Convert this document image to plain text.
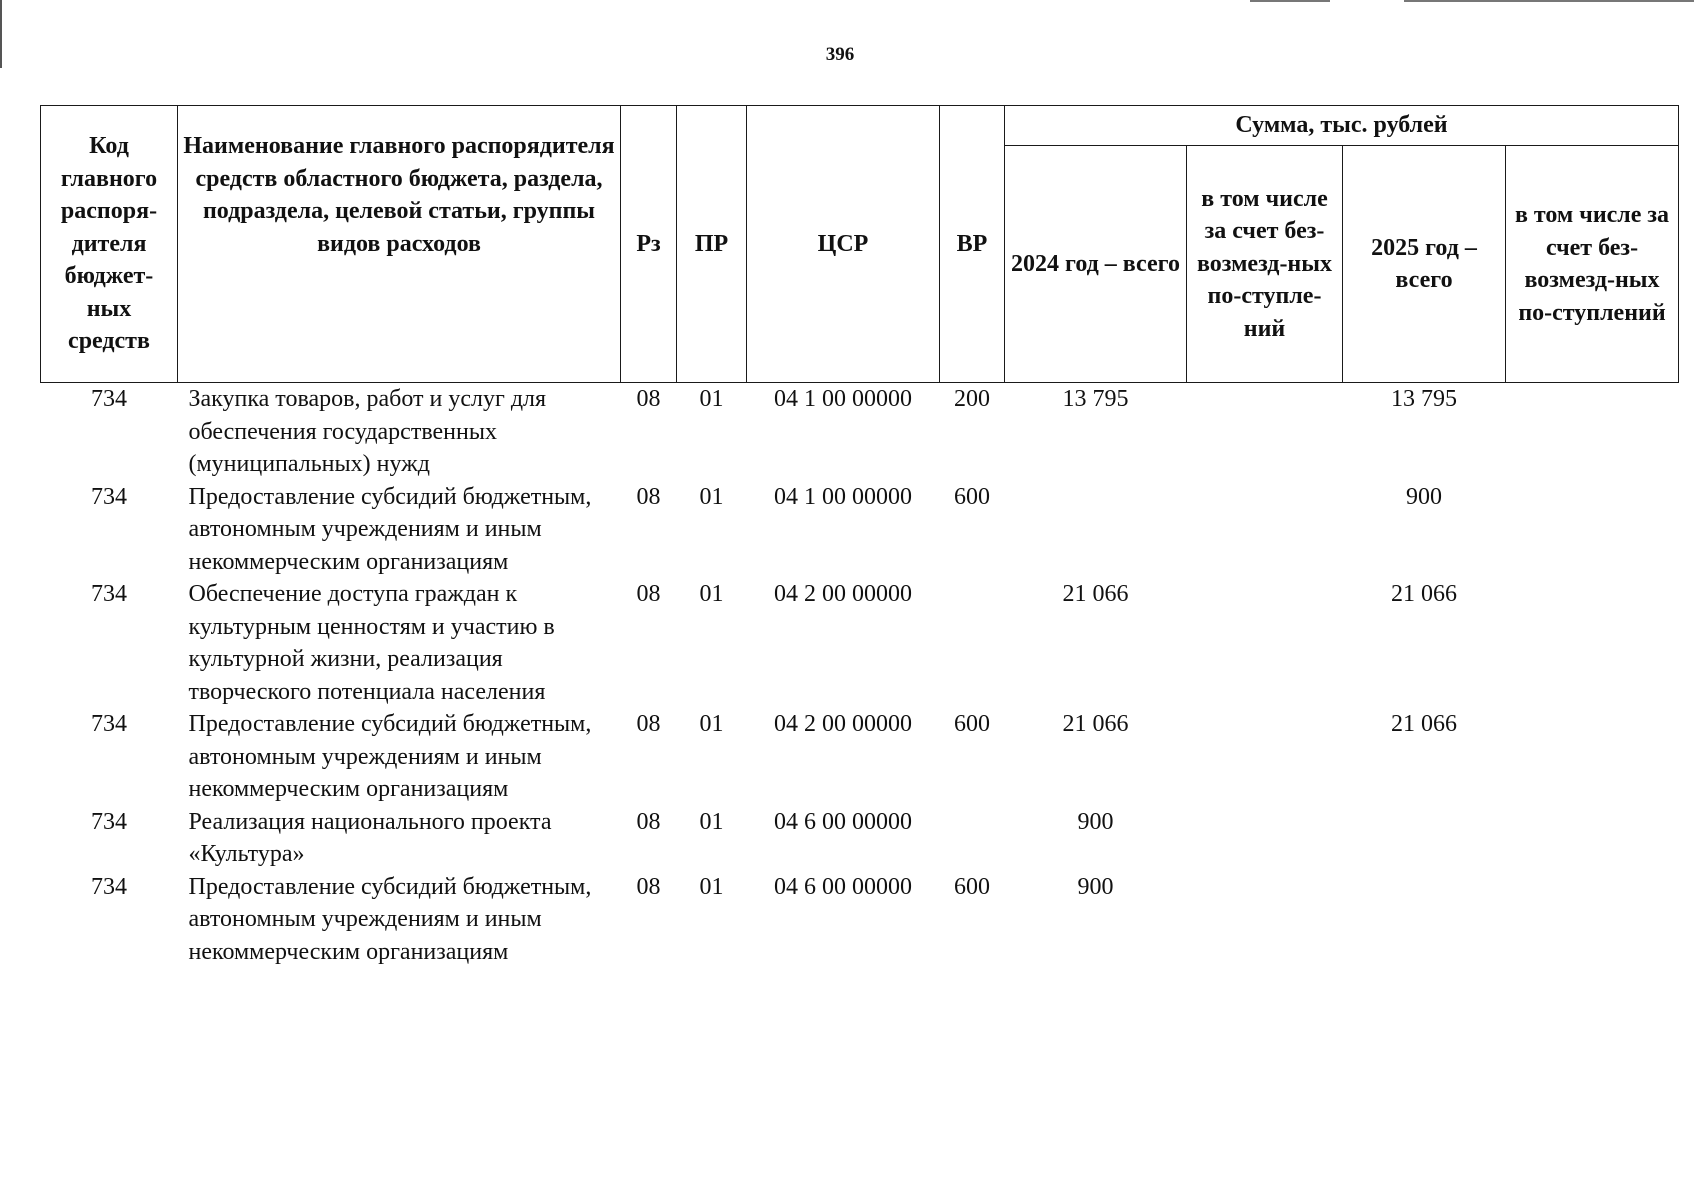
396
Код главного распоря-дителя бюджет-ных средств	Наименование главного распорядителя средств областного бюджета, раздела, подраздела, целевой статьи, группы видов расходов	Рз	ПР	ЦСР	ВР	Сумма, тыс. рублей			
						2024 год – всего	в том числе за счет без-возмезд-ных по-ступле-ний	2025 год – всего	в том числе за счет без-возмезд-ных по-ступлений
734	Закупка товаров, работ и услуг для обеспечения государственных (муниципальных) нужд	08	01	04 1 00 00000	200	13 795		13 795	
734	Предоставление субсидий бюджетным, автономным учреждениям и иным некоммерческим организациям	08	01	04 1 00 00000	600			900	
734	Обеспечение доступа граждан к культурным ценностям и участию в культурной жизни, реализация творческого потенциала населения	08	01	04 2 00 00000		21 066		21 066	
734	Предоставление субсидий бюджетным, автономным учреждениям и иным некоммерческим организациям	08	01	04 2 00 00000	600	21 066		21 066	
734	Реализация национального проекта «Культура»	08	01	04 6 00 00000		900			
734	Предоставление субсидий бюджетным, автономным учреждениям и иным некоммерческим организациям	08	01	04 6 00 00000	600	900			
